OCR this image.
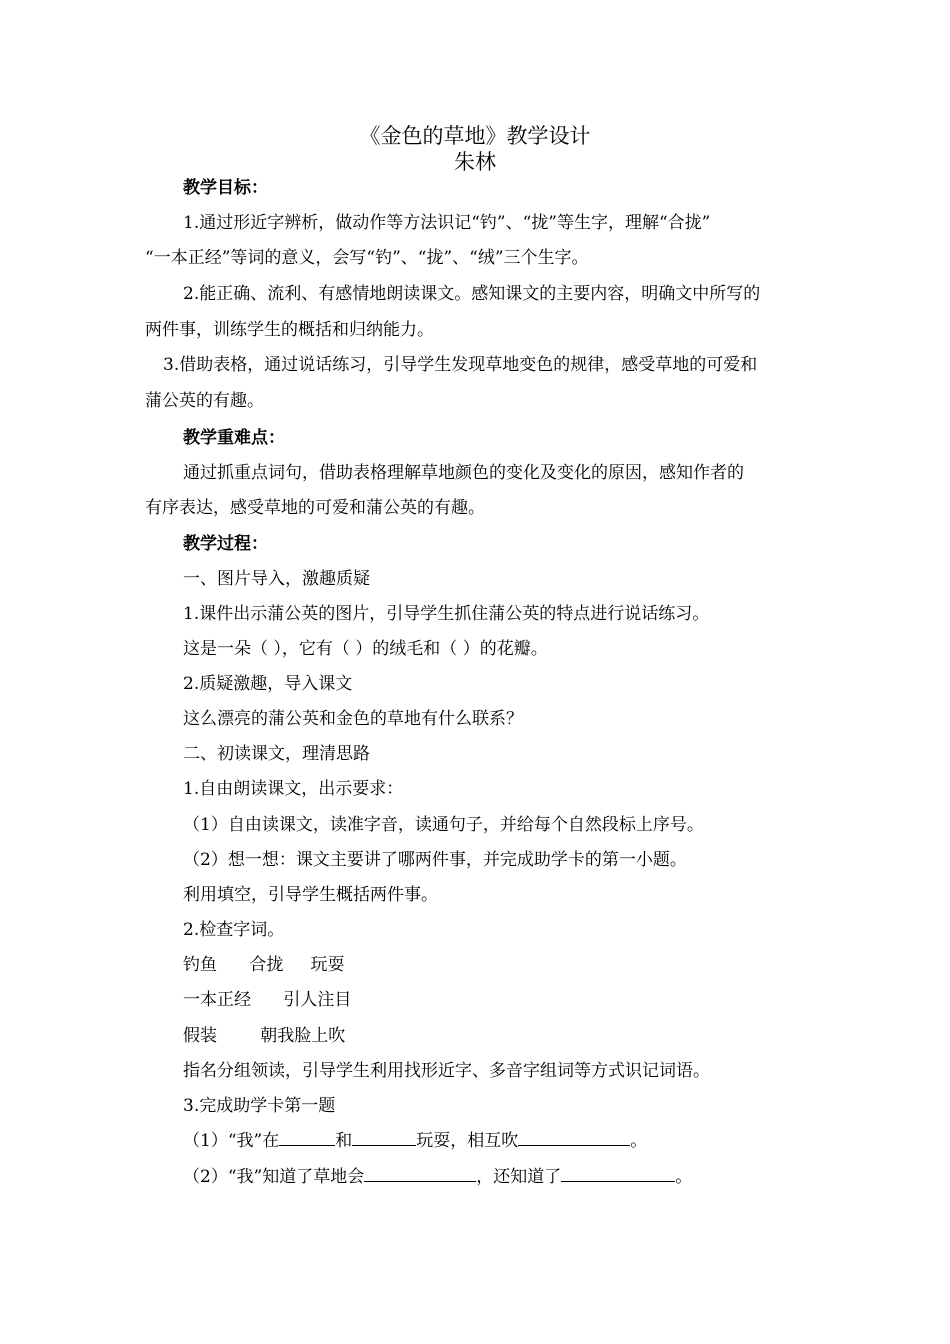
《金色的草地》教学设计
朱林
教学目标：
1.通过形近字辨析，做动作等方法识记“钓”、“拢”等生字，理解“合拢”
“一本正经”等词的意义，会写“钓”、“拢”、“绒”三个生字。
2.能正确、流利、有感情地朗读课文。感知课文的主要内容，明确文中所写的
两件事，训练学生的概括和归纳能力。
3.借助表格，通过说话练习，引导学生发现草地变色的规律，感受草地的可爱和
蒲公英的有趣。
教学重难点：
通过抓重点词句，借助表格理解草地颜色的变化及变化的原因，感知作者的
有序表达，感受草地的可爱和蒲公英的有趣。
教学过程：
一、图片导入，激趣质疑
1.课件出示蒲公英的图片，引导学生抓住蒲公英的特点进行说话练习。
这是一朵（ ），它有（ ）的绒毛和（ ）的花瓣。
2.质疑激趣，导入课文
这么漂亮的蒲公英和金色的草地有什么联系？
二、初读课文，理清思路
1.自由朗读课文，出示要求：
（1）自由读课文，读准字音，读通句子，并给每个自然段标上序号。
（2）想一想：课文主要讲了哪两件事，并完成助学卡的第一小题。
利用填空，引导学生概括两件事。
2.检查字词。
钓鱼      合拢     玩耍
一本正经      引人注目
假装        朝我脸上吹
指名分组领读，引导学生利用找形近字、多音字组词等方式识记词语。
3.完成助学卡第一题
（1）“我”在	和	玩耍，相互吹	。
（2）“我”知道了草地会	，还知道了	。
